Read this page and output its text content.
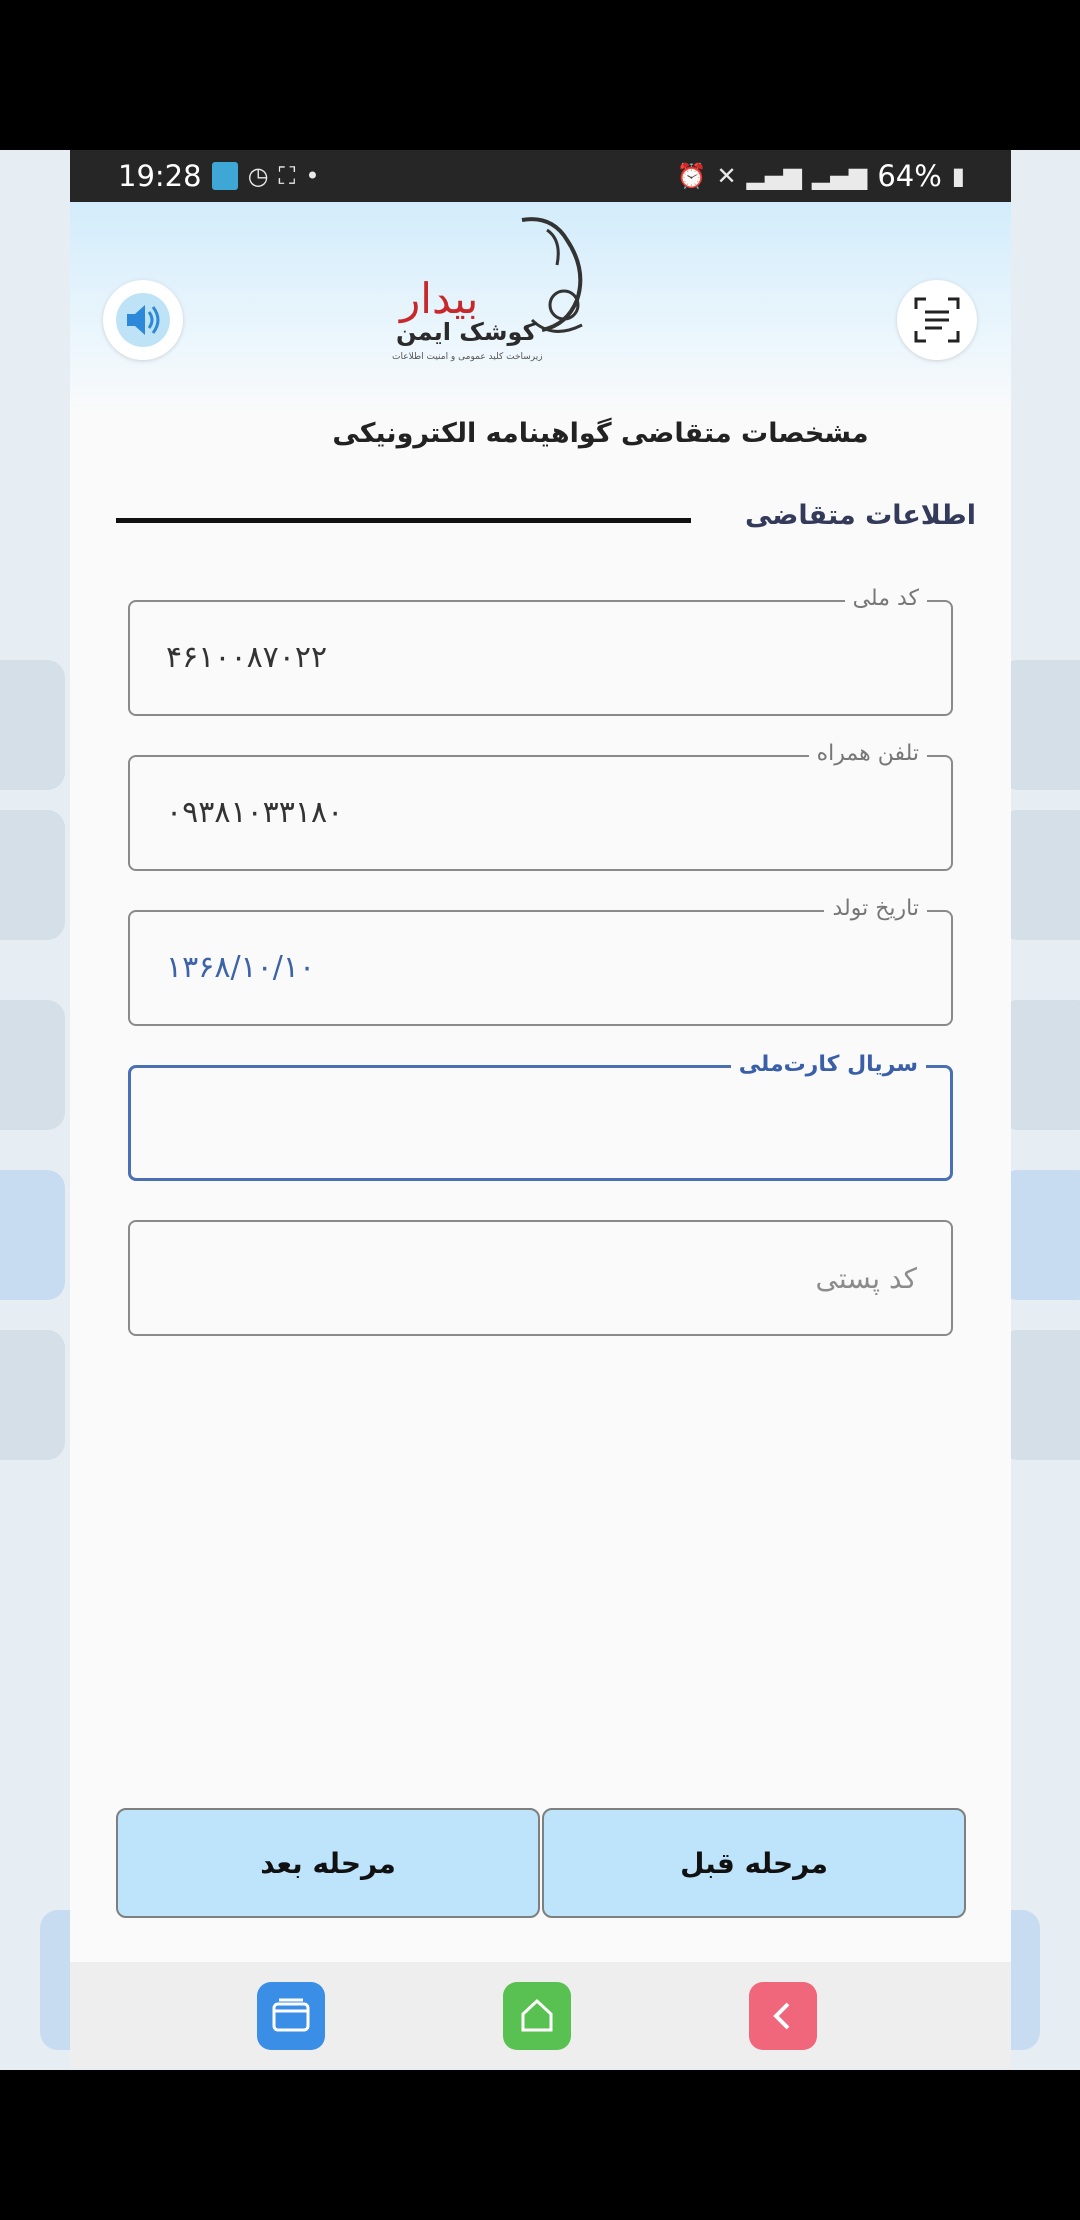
19:28 ◷ ⛶ •	⏰ ✕ ▂▄▆ ▂▄▆ 64% ▮
بیدار
کوشک ایمن
زیرساخت کلید عمومی و امنیت اطلاعات
مشخصات متقاضی گواهینامه الکترونیکی
اطلاعات متقاضی
کد ملی
۴۶۱۰۰۸۷۰۲۲
تلفن همراه
۰۹۳۸۱۰۳۳۱۸۰
تاریخ تولد
۱۳۶۸/۱۰/۱۰
سریال کارت‌ملی
کد پستی
مرحله بعد	مرحله قبل
